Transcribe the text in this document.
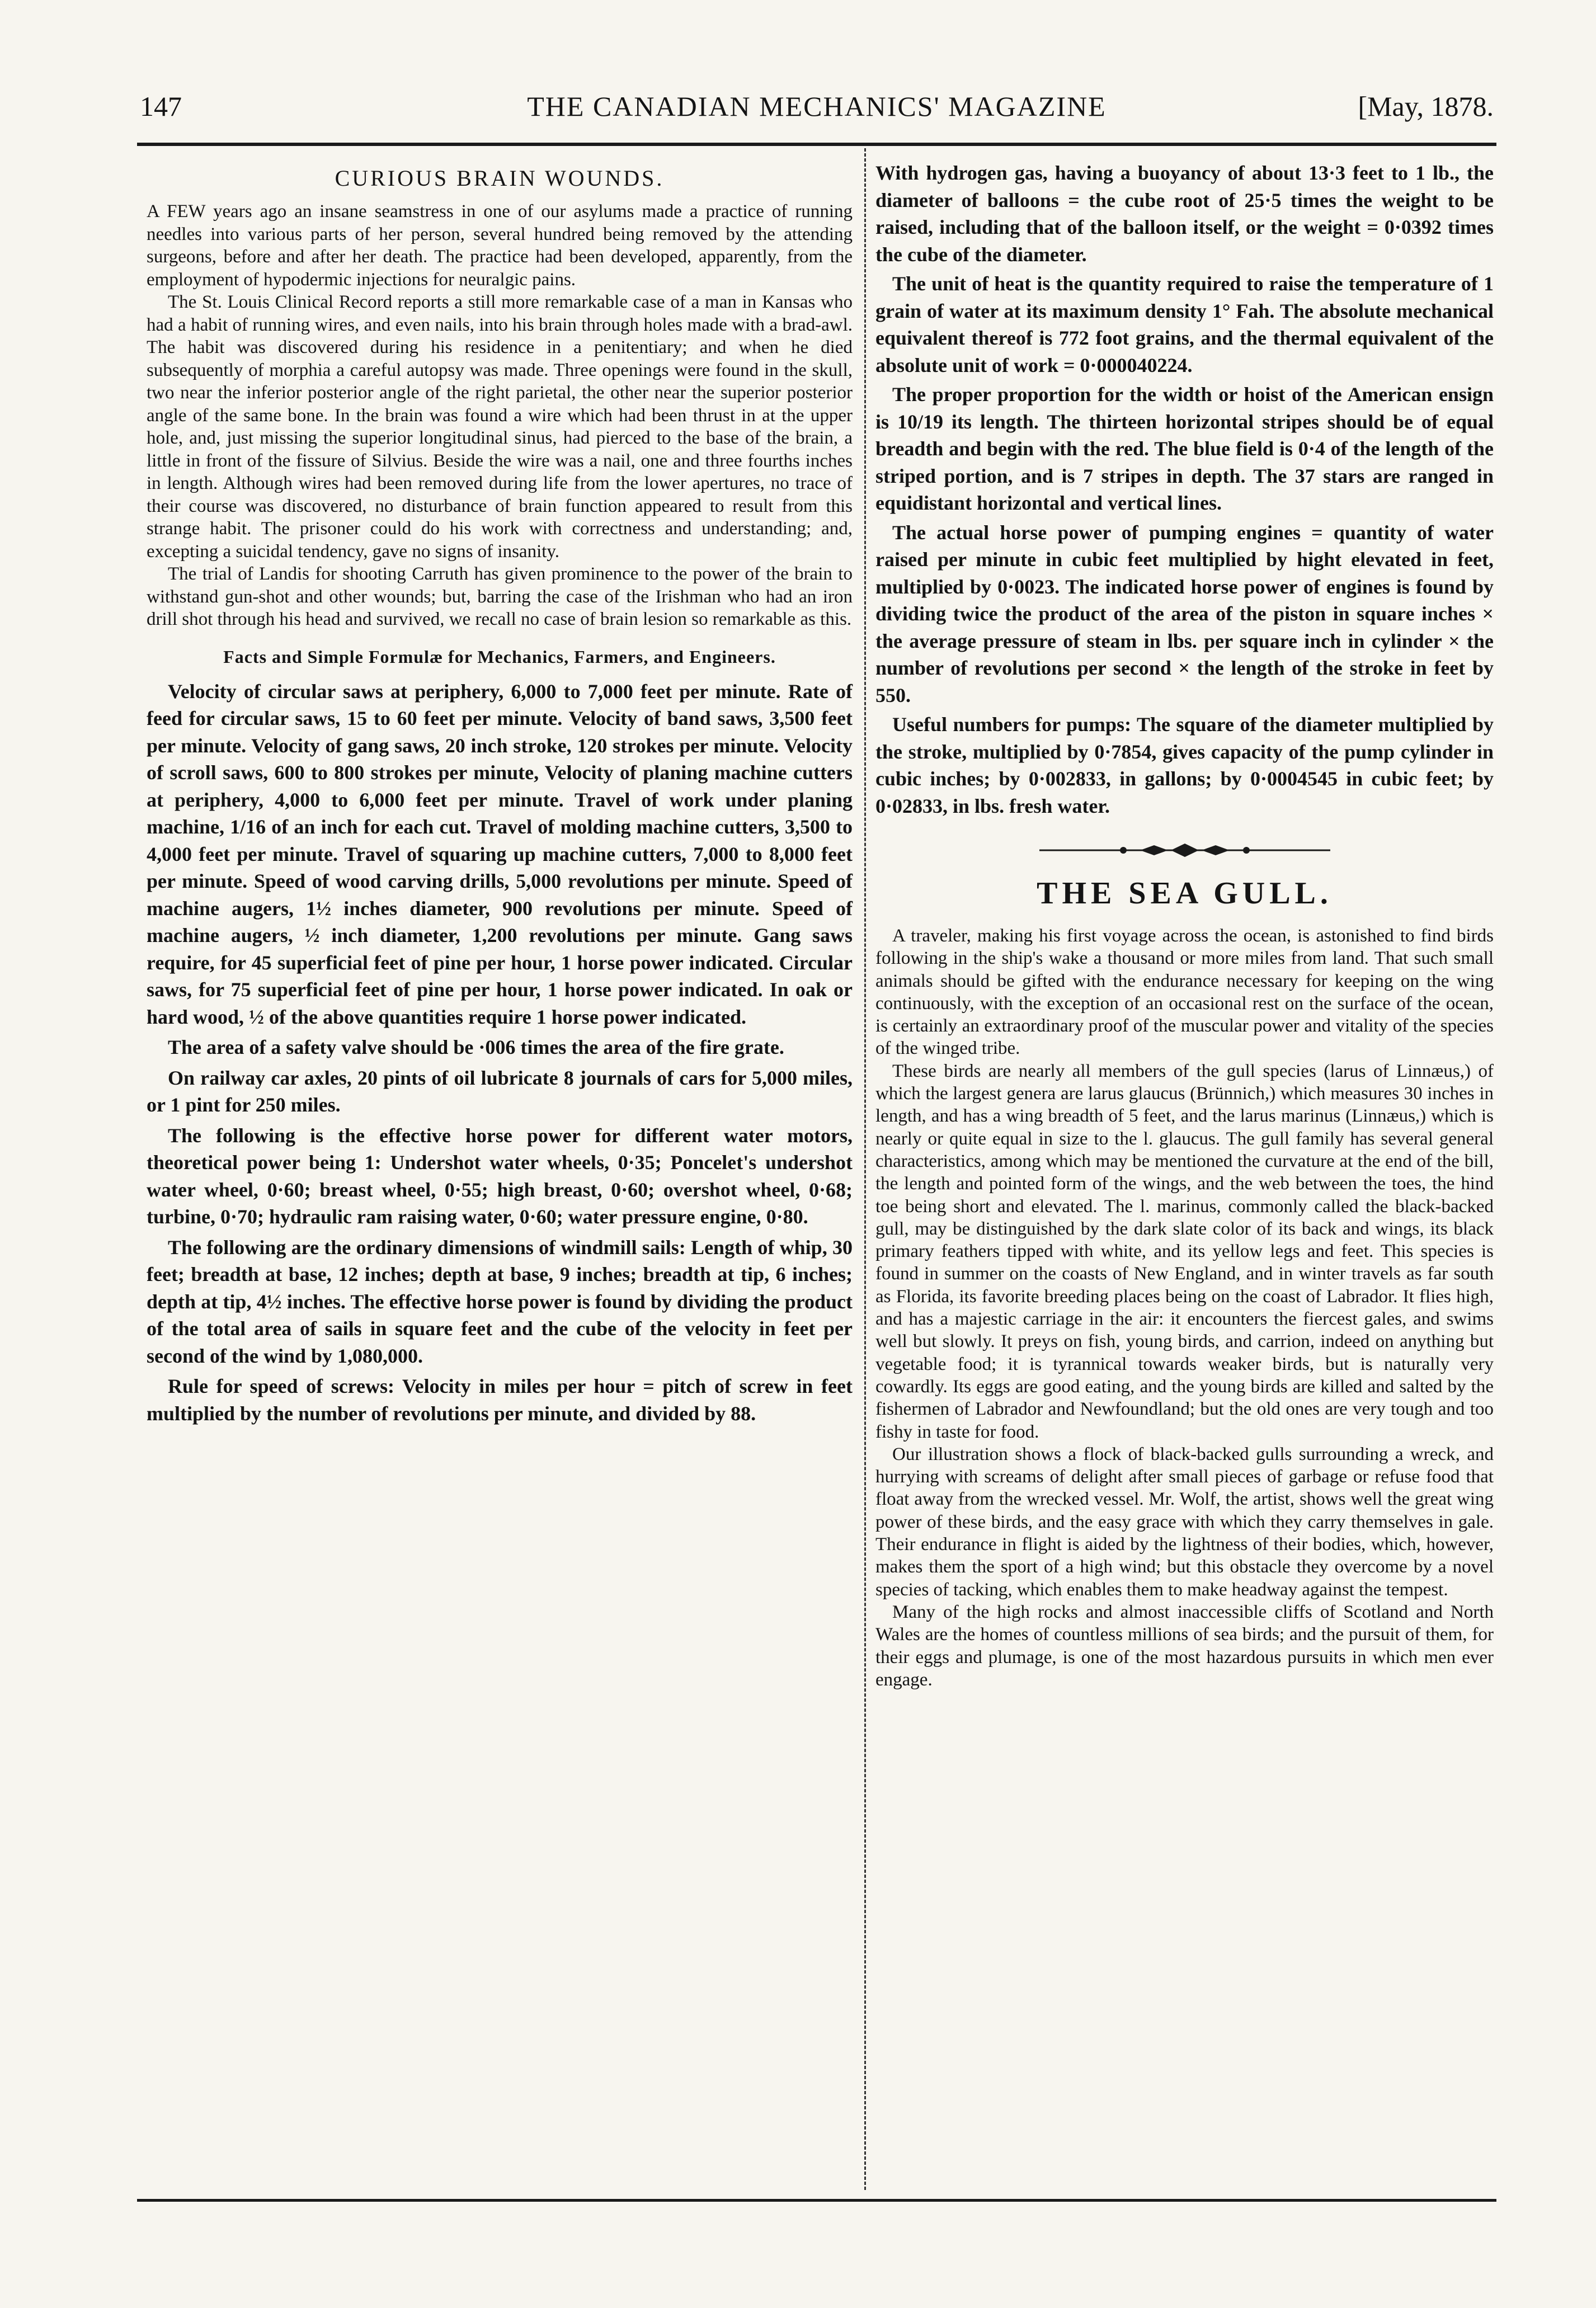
147	THE CANADIAN MECHANICS' MAGAZINE	[May, 1878.
CURIOUS BRAIN WOUNDS.

A FEW years ago an insane seamstress in one of our asylums made a practice of running needles into various parts of her person, several hundred being removed by the attending surgeons, before and after her death. The practice had been developed, apparently, from the employment of hypodermic injections for neuralgic pains.

The St. Louis Clinical Record reports a still more remarkable case of a man in Kansas who had a habit of running wires, and even nails, into his brain through holes made with a brad-awl. The habit was discovered during his residence in a penitentiary; and when he died subsequently of morphia a careful autopsy was made. Three openings were found in the skull, two near the inferior posterior angle of the right parietal, the other near the superior posterior angle of the same bone. In the brain was found a wire which had been thrust in at the upper hole, and, just missing the superior longitudinal sinus, had pierced to the base of the brain, a little in front of the fissure of Silvius. Beside the wire was a nail, one and three fourths inches in length. Although wires had been removed during life from the lower apertures, no trace of their course was discovered, no disturbance of brain function appeared to result from this strange habit. The prisoner could do his work with correctness and understanding; and, excepting a suicidal tendency, gave no signs of insanity.

The trial of Landis for shooting Carruth has given prominence to the power of the brain to withstand gun-shot and other wounds; but, barring the case of the Irishman who had an iron drill shot through his head and survived, we recall no case of brain lesion so remarkable as this.

Facts and Simple Formulæ for Mechanics, Farmers, and Engineers.

Velocity of circular saws at periphery, 6,000 to 7,000 feet per minute. Rate of feed for circular saws, 15 to 60 feet per minute. Velocity of band saws, 3,500 feet per minute. Velocity of gang saws, 20 inch stroke, 120 strokes per minute. Velocity of scroll saws, 600 to 800 strokes per minute, Velocity of planing machine cutters at periphery, 4,000 to 6,000 feet per minute. Travel of work under planing machine, 1/16 of an inch for each cut. Travel of molding machine cutters, 3,500 to 4,000 feet per minute. Travel of squaring up machine cutters, 7,000 to 8,000 feet per minute. Speed of wood carving drills, 5,000 revolutions per minute. Speed of machine augers, 1½ inches diameter, 900 revolutions per minute. Speed of machine augers, ½ inch diameter, 1,200 revolutions per minute. Gang saws require, for 45 superficial feet of pine per hour, 1 horse power indicated. Circular saws, for 75 superficial feet of pine per hour, 1 horse power indicated. In oak or hard wood, ½ of the above quantities require 1 horse power indicated.

The area of a safety valve should be ·006 times the area of the fire grate.

On railway car axles, 20 pints of oil lubricate 8 journals of cars for 5,000 miles, or 1 pint for 250 miles.

The following is the effective horse power for different water motors, theoretical power being 1: Undershot water wheels, 0·35; Poncelet's undershot water wheel, 0·60; breast wheel, 0·55; high breast, 0·60; overshot wheel, 0·68; turbine, 0·70; hydraulic ram raising water, 0·60; water pressure engine, 0·80.

The following are the ordinary dimensions of windmill sails: Length of whip, 30 feet; breadth at base, 12 inches; depth at base, 9 inches; breadth at tip, 6 inches; depth at tip, 4½ inches. The effective horse power is found by dividing the product of the total area of sails in square feet and the cube of the velocity in feet per second of the wind by 1,080,000.

Rule for speed of screws: Velocity in miles per hour = pitch of screw in feet multiplied by the number of revolutions per minute, and divided by 88.

With hydrogen gas, having a buoyancy of about 13·3 feet to 1 lb., the diameter of balloons = the cube root of 25·5 times the weight to be raised, including that of the balloon itself, or the weight = 0·0392 times the cube of the diameter.

The unit of heat is the quantity required to raise the temperature of 1 grain of water at its maximum density 1° Fah. The absolute mechanical equivalent thereof is 772 foot grains, and the thermal equivalent of the absolute unit of work = 0·000040224.

The proper proportion for the width or hoist of the American ensign is 10/19 its length. The thirteen horizontal stripes should be of equal breadth and begin with the red. The blue field is 0·4 of the length of the striped portion, and is 7 stripes in depth. The 37 stars are ranged in equidistant horizontal and vertical lines.

The actual horse power of pumping engines = quantity of water raised per minute in cubic feet multiplied by hight elevated in feet, multiplied by 0·0023. The indicated horse power of engines is found by dividing twice the product of the area of the piston in square inches × the average pressure of steam in lbs. per square inch in cylinder × the number of revolutions per second × the length of the stroke in feet by 550.

Useful numbers for pumps: The square of the diameter multiplied by the stroke, multiplied by 0·7854, gives capacity of the pump cylinder in cubic inches; by 0·002833, in gallons; by 0·0004545 in cubic feet; by 0·02833, in lbs. fresh water.

THE SEA GULL.

A traveler, making his first voyage across the ocean, is astonished to find birds following in the ship's wake a thousand or more miles from land. That such small animals should be gifted with the endurance necessary for keeping on the wing continuously, with the exception of an occasional rest on the surface of the ocean, is certainly an extraordinary proof of the muscular power and vitality of the species of the winged tribe.

These birds are nearly all members of the gull species (larus of Linnæus,) of which the largest genera are larus glaucus (Brünnich,) which measures 30 inches in length, and has a wing breadth of 5 feet, and the larus marinus (Linnæus,) which is nearly or quite equal in size to the l. glaucus. The gull family has several general characteristics, among which may be mentioned the curvature at the end of the bill, the length and pointed form of the wings, and the web between the toes, the hind toe being short and elevated. The l. marinus, commonly called the black-backed gull, may be distinguished by the dark slate color of its back and wings, its black primary feathers tipped with white, and its yellow legs and feet. This species is found in summer on the coasts of New England, and in winter travels as far south as Florida, its favorite breeding places being on the coast of Labrador. It flies high, and has a majestic carriage in the air: it encounters the fiercest gales, and swims well but slowly. It preys on fish, young birds, and carrion, indeed on anything but vegetable food; it is tyrannical towards weaker birds, but is naturally very cowardly. Its eggs are good eating, and the young birds are killed and salted by the fishermen of Labrador and Newfoundland; but the old ones are very tough and too fishy in taste for food.

Our illustration shows a flock of black-backed gulls surrounding a wreck, and hurrying with screams of delight after small pieces of garbage or refuse food that float away from the wrecked vessel. Mr. Wolf, the artist, shows well the great wing power of these birds, and the easy grace with which they carry themselves in gale. Their endurance in flight is aided by the lightness of their bodies, which, however, makes them the sport of a high wind; but this obstacle they overcome by a novel species of tacking, which enables them to make headway against the tempest.

Many of the high rocks and almost inaccessible cliffs of Scotland and North Wales are the homes of countless millions of sea birds; and the pursuit of them, for their eggs and plumage, is one of the most hazardous pursuits in which men ever engage.
